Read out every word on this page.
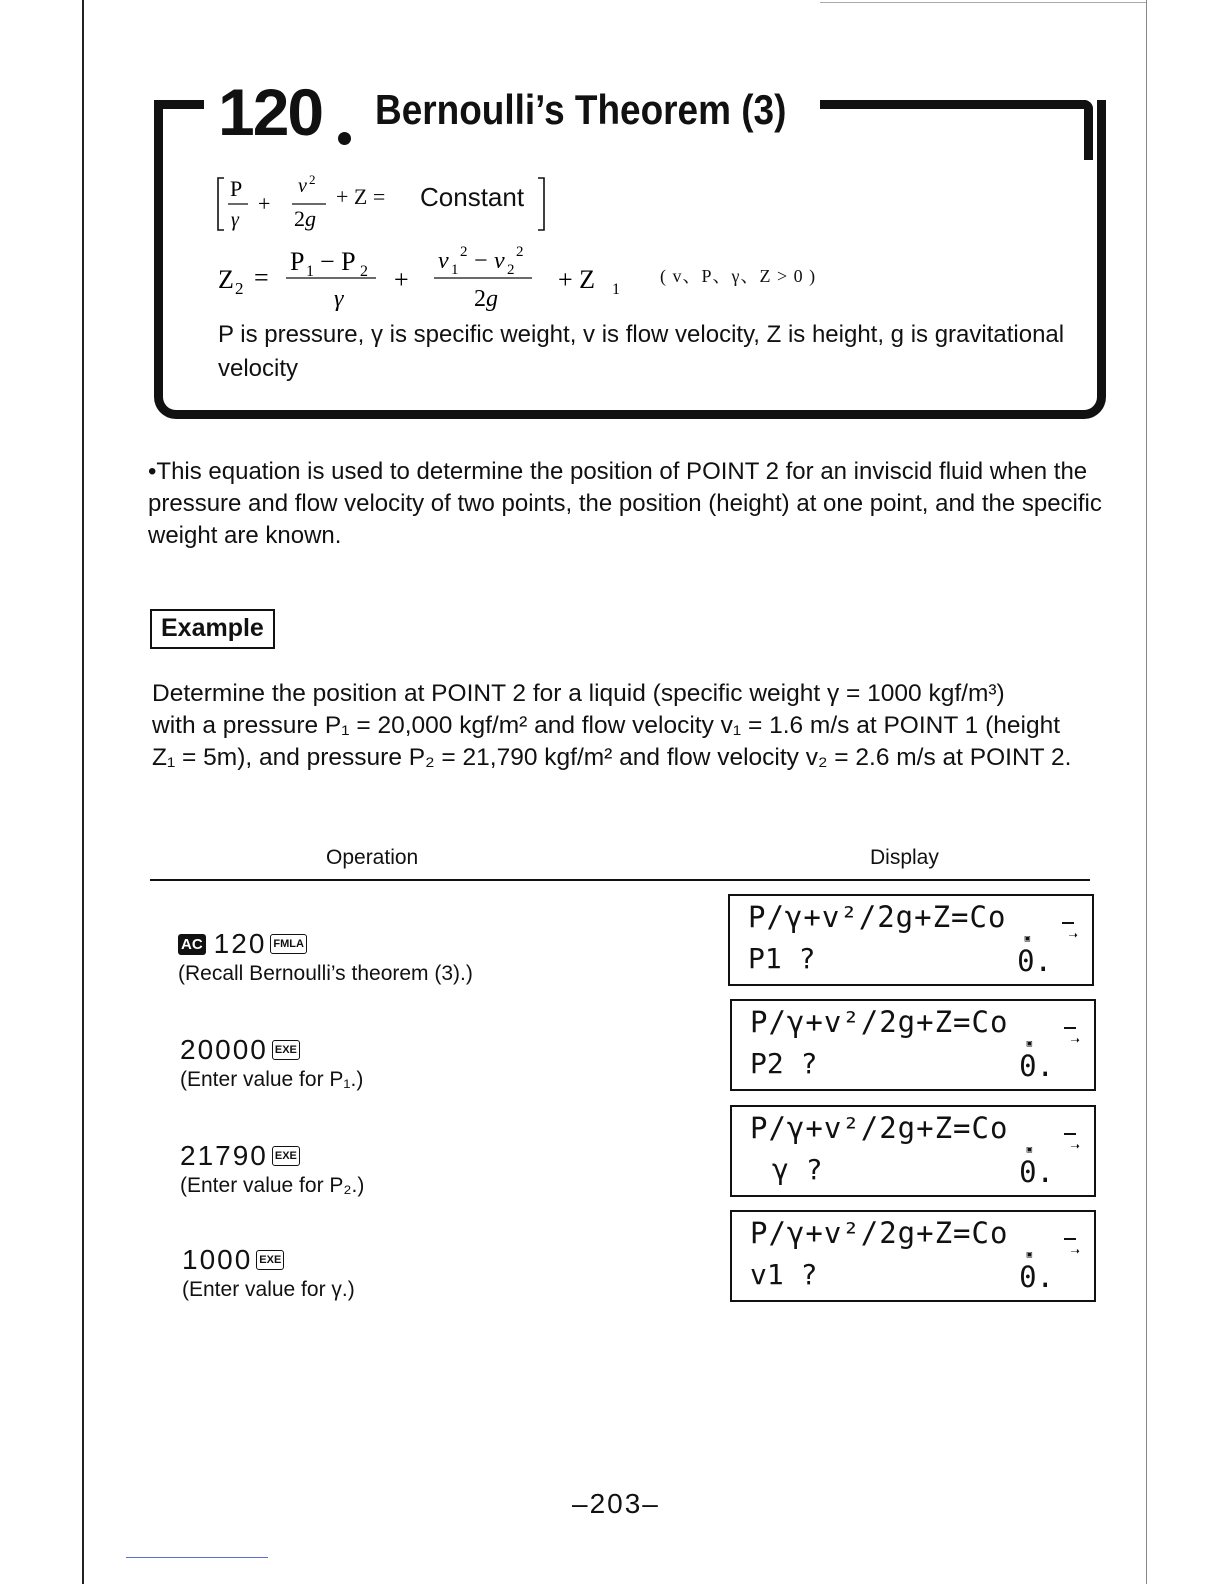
120 Bernoulli’s Theorem (3)
P
γ
+
v 2
2g
+ Z = Constant
Z 2 =
P 1 − P 2
γ
+
v 1
2 − v 2
2
2g
+ Z 1
( v、P、γ、Z > 0 )
P is pressure, γ is specific weight, v is flow velocity, Z is height, g is gravitational velocity
•This equation is used to determine the position of POINT 2 for an inviscid fluid when the pressure and flow velocity of two points, the position (height) at one point, and the specific weight are known.
Example
Determine the position at POINT 2 for a liquid (specific weight γ = 1000 kgf/m³)
with a pressure P₁ = 20,000 kgf/m² and flow velocity v₁ = 1.6 m/s at POINT 1 (height
Z₁ = 5m), and pressure P₂ = 21,790 kgf/m² and flow velocity v₂ = 2.6 m/s at POINT 2.
Operation	Display
AC 120 FMLA
(Recall Bernoulli’s theorem (3).)
P/γ+v²/2g+Z=Co
▣ ➝
P1 ?	0.
20000 EXE
(Enter value for P₁.)
P/γ+v²/2g+Z=Co
▣ ➝
P2 ?	0.
21790 EXE
(Enter value for P₂.)
P/γ+v²/2g+Z=Co
▣ ➝
γ ?	0.
1000 EXE
(Enter value for γ.)
P/γ+v²/2g+Z=Co
▣ ➝
v1 ?	0.
–203–
